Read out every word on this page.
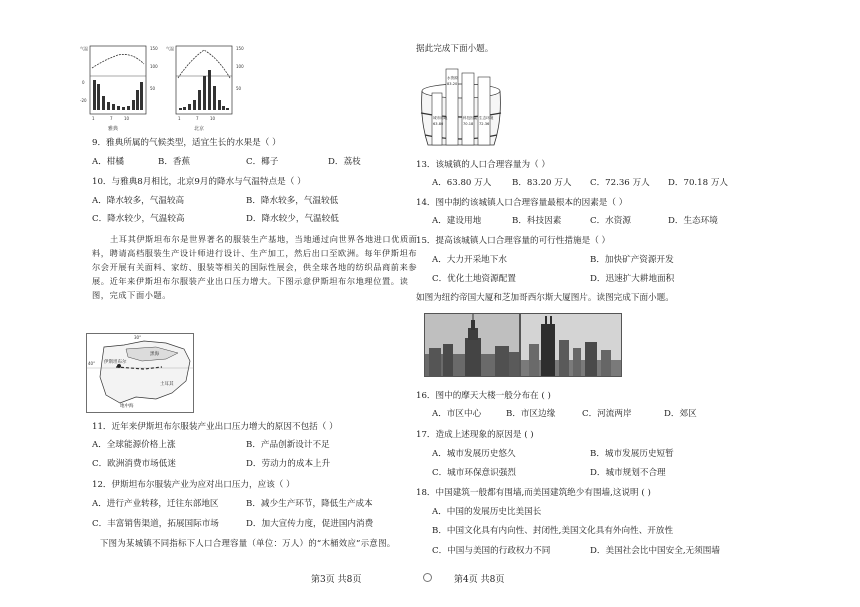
气温	150
100
50
0
-20
1	7	10
雅典
气温	150
100
50
1	7	10
北京
9．雅典所属的气候类型，适宜生长的水果是（ ）
A．柑橘	B．香蕉	C．椰子	D．荔枝
10．与雅典8月相比，北京9月的降水与气温特点是（ ）
A．降水较多，气温较高	B．降水较多，气温较低
C．降水较少，气温较高	D．降水较少，气温较低
土耳其伊斯坦布尔是世界著名的服装生产基地，当地通过向世界各地进口优质面料，聘请高档服装生产设计师进行设计、生产加工，然后出口至欧洲。每年伊斯坦布尔会开展有关面料、家纺、服装等相关的国际性展会，供全球各地的纺织品商前来参展。近年来伊斯坦布尔服装产业出口压力增大。下图示意伊斯坦布尔地理位置。读图，完成下面小题。
40°
30°
伊斯坦布尔
黑海
土耳其
地中海
11．近年来伊斯坦布尔服装产业出口压力增大的原因不包括（ ）
A．全球能源价格上涨	B．产品创新设计不足
C．欧洲消费市场低迷	D．劳动力的成本上升
12．伊斯坦布尔服装产业为应对出口压力，应该（ ）
A．进行产业转移，迁往东部地区	B．减少生产环节，降低生产成本
C．丰富销售渠道，拓展国际市场	D．加大宣传力度，促进国内消费
下图为某城镇不同指标下人口合理容量（单位：万人）的“木桶效应”示意图。
据此完成下面小题。
城市用地
63.80
水资源
83.20
科技因素
70.18
生态环境
72.36
13．该城镇的人口合理容量为（ ）
A．63.80 万人 B．83.20 万人 C．72.36 万人 D．70.18 万人
14．图中制约该城镇人口合理容量最根本的因素是（ ）
A．建设用地	B．科技因素	C．水资源	D．生态环境
15．提高该城镇人口合理容量的可行性措施是（ ）
A．大力开采地下水	B．加快矿产资源开发
C．优化土地资源配置	D．迅速扩大耕地面积
如图为纽约帝国大厦和芝加哥西尔斯大厦图片。读图完成下面小题。
16．图中的摩天大楼一般分布在 ( )
A．市区中心	B．市区边缘	C．河流两岸	D．郊区
17．造成上述现象的原因是 ( )
A．城市发展历史悠久	B．城市发展历史短暂
C．城市环保意识强烈	D．城市规划不合理
18．中国建筑一般都有围墙,而美国建筑绝少有围墙,这说明 ( )
A．中国的发展历史比美国长
B．中国文化具有内向性、封闭性,美国文化具有外向性、开放性
C．中国与美国的行政权力不同	D．美国社会比中国安全,无须围墙
第3页 共8页	第4页 共8页
